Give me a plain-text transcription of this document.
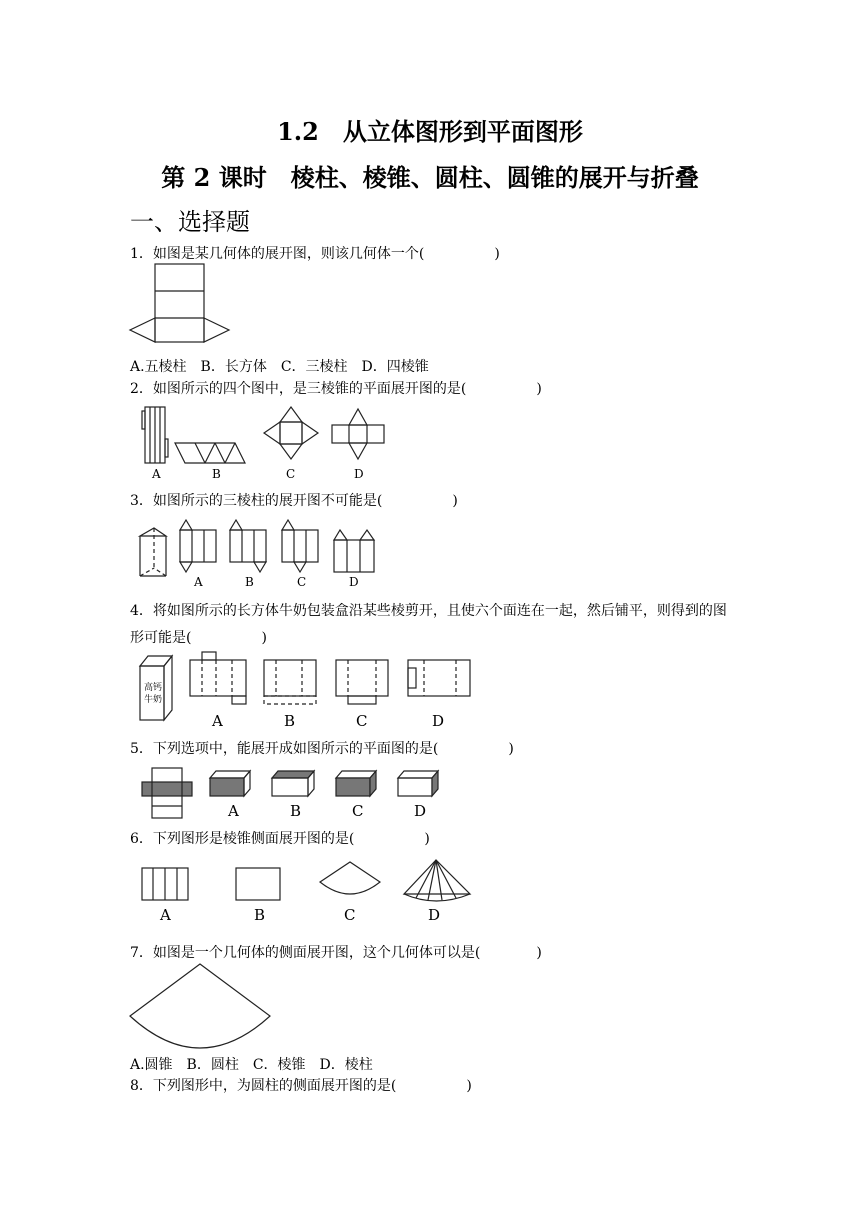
1.2　从立体图形到平面图形
第 2 课时　棱柱、棱锥、圆柱、圆锥的展开与折叠
一、选择题
1．如图是某几何体的展开图，则该几何体一个(　　　　　)
A.五棱柱　B．长方体　C．三棱柱　D．四棱锥
2．如图所示的四个图中，是三棱锥的平面展开图的是(　　　　　)
A	B	C	D
3．如图所示的三棱柱的展开图不可能是(　　　　　)
A	B	C	D
4．将如图所示的长方体牛奶包装盒沿某些棱剪开，且使六个面连在一起，然后铺平，则得到的图形可能是(　　　　　)
高钙
牛奶
A	B	C	D
5．下列选项中，能展开成如图所示的平面图的是(　　　　　)
A	B	C	D
6．下列图形是棱锥侧面展开图的是(　　　　　)
A	B	C	D
7．如图是一个几何体的侧面展开图，这个几何体可以是(　　　　)
A.圆锥　B．圆柱　C．棱锥　D．棱柱
8．下列图形中，为圆柱的侧面展开图的是(　　　　　)
